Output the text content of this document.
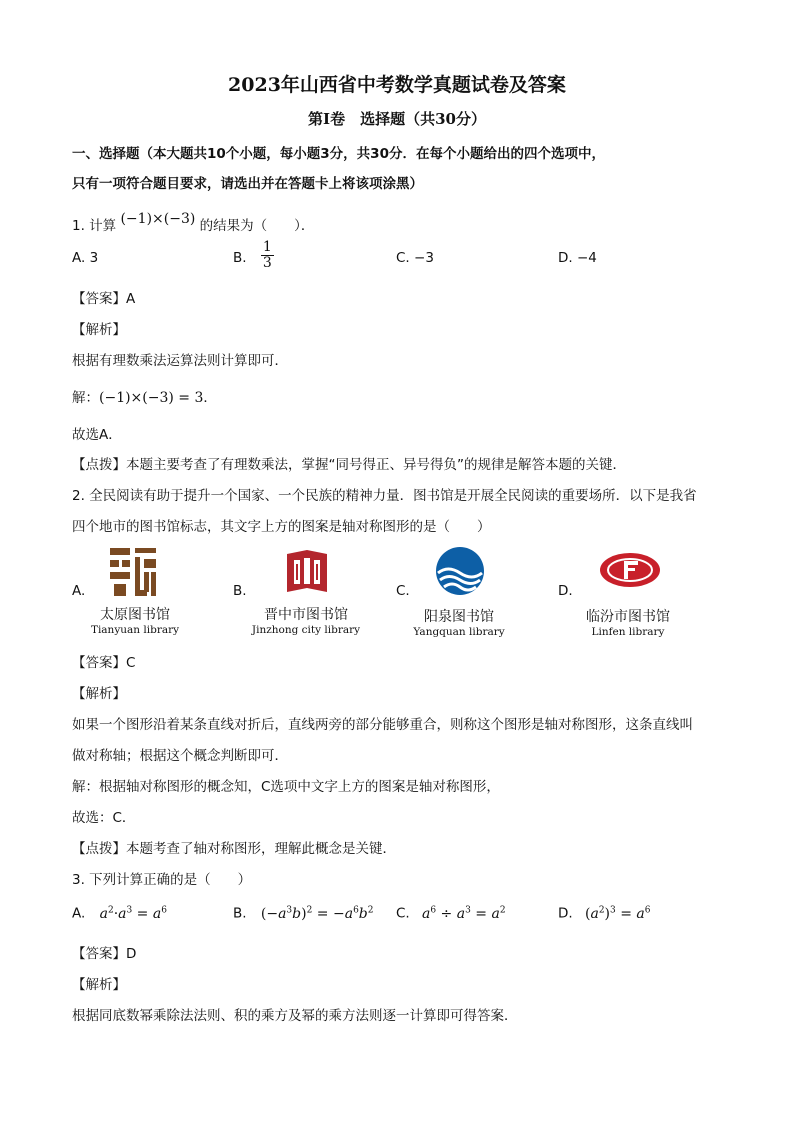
2023年山西省中考数学真题试卷及答案
第Ⅰ卷　选择题（共30分）
一、选择题（本大题共10个小题，每小题3分，共30分．在每个小题给出的四个选项中，
只有一项符合题目要求，请选出并在答题卡上将该项涂黑）
1. 计算 (−1)×(−3) 的结果为（　　）．
A. 3	B. $\frac{1}{3}$	C. −3	D. −4
【答案】A
【解析】
根据有理数乘法运算法则计算即可．
解：(−1)×(−3) = 3．
故选A．
【点拨】本题主要考查了有理数乘法，掌握“同号得正、异号得负”的规律是解答本题的关键．
2. 全民阅读有助于提升一个国家、一个民族的精神力量．图书馆是开展全民阅读的重要场所．以下是我省
四个地市的图书馆标志，其文字上方的图案是轴对称图形的是（　　）
A.
太原图书馆
Tianyuan library
B.
晋中市图书馆
Jinzhong city library
C.
阳泉图书馆
Yangquan library
D.
临汾市图书馆
Linfen library
【答案】C
【解析】
如果一个图形沿着某条直线对折后，直线两旁的部分能够重合，则称这个图形是轴对称图形，这条直线叫
做对称轴；根据这个概念判断即可．
解：根据轴对称图形的概念知，C选项中文字上方的图案是轴对称图形，
故选：C．
【点拨】本题考查了轴对称图形，理解此概念是关键．
3. 下列计算正确的是（　　）
A. $a^2\cdot a^3 = a^6$	B. $(-a^3b)^2 = -a^6b^2$ C. $a^6 \div a^3 = a^2$	D. $(a^2)^3 = a^6$
【答案】D
【解析】
根据同底数幂乘除法法则、积的乘方及幂的乘方法则逐一计算即可得答案．
